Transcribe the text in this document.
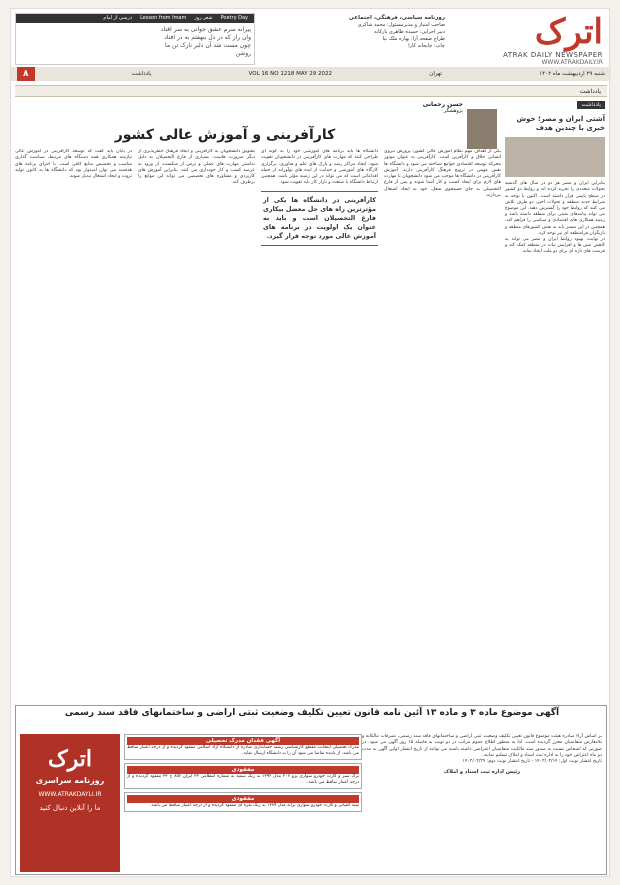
اترک
ATRAK DAILY NEWSPAPER
WWW.ATRAKDAILY.IR
روزنامه سیاسی، فرهنگی، اجتماعی
صاحب امتیاز و مدیرمسئول: محمد شاکری
دبیر اجرایی: حمیده طاهری پارکانه
طراح صفحه آرا: بهاره ملک نیا
چاپ: چاپخانه کارا
Poetry Day
شعر روز
Lesson from Imam
درسی از امام
پیرانه سرم عشق جوانی به سر افتاد
وان راز که در دل بنهفتم به در افتاد
چون مست شد آن دلبر نازک تن ما
روشن
شنبه ۲۹ اردیبهشت ماه ۱۴۰۲
تهران
VOL 16 NO 1218 MAY 29 2022
یادداشت
۸
یادداشت
یادداشت
آشتی ایران و مصر؛ خوش خبری با چندین هدف

بنابراین ایران و مصر هر دو در سال های گذشته تحولات متعددی را تجربه کرده اند و روابط دو کشور در سطح پایینی قرار داشته است. اکنون با توجه به شرایط جدید منطقه و تحولات اخیر، دو طرف تلاش می کنند که روابط خود را گسترش دهند. این موضوع می تواند پیامدهای مثبتی برای منطقه داشته باشد و زمینه همکاری های اقتصادی و سیاسی را فراهم کند. همچنین در این مسیر باید به نقش کشورهای منطقه و بازیگران فرامنطقه ای نیز توجه کرد.

در نهایت، بهبود روابط ایران و مصر می تواند به کاهش تنش ها و افزایش ثبات در منطقه کمک کند و فرصت های تازه ای برای دو ملت ایجاد نماید.

حسن رحمانی
پژوهشگر
کارآفرینی و آموزش عالی کشور

یکی از اهداف مهم نظام آموزش عالی کشور، پرورش نیروی انسانی خلاق و کارآفرین است. کارآفرینی به عنوان موتور محرکه توسعه اقتصادی جوامع شناخته می شود و دانشگاه ها نقش مهمی در ترویج فرهنگ کارآفرینی دارند. آموزش کارآفرینی در دانشگاه ها موجب می شود دانشجویان با مهارت های لازم برای ایجاد کسب و کار آشنا شوند و پس از فارغ التحصیلی به جای جستجوی شغل، خود به ایجاد اشتغال بپردازند.

دانشگاه ها باید برنامه های آموزشی خود را به گونه ای طراحی کنند که مهارت های کارآفرینی در دانشجویان تقویت شود. ایجاد مراکز رشد و پارک های علم و فناوری، برگزاری کارگاه های آموزشی و حمایت از ایده های نوآورانه از جمله اقداماتی است که می تواند در این زمینه مؤثر باشد. همچنین ارتباط دانشگاه با صنعت و بازار کار باید تقویت شود.

کارآفرینی در دانشگاه ها یکی از مؤثرترین راه های حل معضل بیکاری فارغ التحصیلان است و باید به عنوان یک اولویت در برنامه های آموزش عالی مورد توجه قرار گیرد.

تشویق دانشجویان به کارآفرینی و ایجاد فرهنگ خطرپذیری از دیگر ضرورت هاست. بسیاری از فارغ التحصیلان به دلیل نداشتن مهارت های عملی و ترس از شکست، از ورود به عرصه کسب و کار خودداری می کنند. بنابراین آموزش های کاربردی و مشاوره های تخصصی می تواند این موانع را برطرف کند.

در پایان باید گفت که توسعه کارآفرینی در آموزش عالی نیازمند همکاری همه دستگاه های مرتبط، سیاست گذاری مناسب و تخصیص منابع کافی است. با اجرای برنامه های هدفمند می توان امیدوار بود که دانشگاه ها به کانون تولید ثروت و ایجاد اشتغال تبدیل شوند.

آگهی موضوع ماده ۳ و ماده ۱۳ آئین نامه قانون تعیین تکلیف وضعیت ثبتی اراضی و ساختمانهای فاقد سند رسمی

بر اساس آراء صادره هیئت موضوع قانون تعیین تکلیف وضعیت ثبتی اراضی و ساختمانهای فاقد سند رسمی، تصرفات مالکانه و بلامعارض متقاضیان محرز گردیده است. لذا به منظور اطلاع عموم مراتب در دو نوبت به فاصله ۱۵ روز آگهی می شود. در صورتی که اشخاص نسبت به صدور سند مالکیت متقاضیان اعتراضی داشته باشند می توانند از تاریخ انتشار اولین آگهی به مدت دو ماه اعتراض خود را به اداره ثبت اسناد و املاک تسلیم نمایند.

تاریخ انتشار نوبت اول: ۱۴۰۲/۰۲/۱۴ - تاریخ انتشار نوبت دوم: ۱۴۰۲/۰۲/۲۹

رئیس اداره ثبت اسناد و املاک
آگهی فقدان مدرک تحصیلی
مدرک تحصیلی اینجانب مقطع کارشناسی رشته حسابداری صادره از دانشگاه آزاد اسلامی مفقود گردیده و از درجه اعتبار ساقط می باشد. از یابنده تقاضا می شود آن را به دانشگاه ارسال نماید.
مفقودی
برگ سبز و کارت خودرو سواری پژو ۲۰۶ مدل ۱۳۹۲ به رنگ سفید به شماره انتظامی ۲۳ ایران ۸۵۶ ج ۳۳ مفقود گردیده و از درجه اعتبار ساقط می باشد.
مفقودی
سند کمپانی و کارت خودرو سواری پراید مدل ۱۳۸۹ به رنگ نقره ای مفقود گردیده و از درجه اعتبار ساقط می باشد.
اترک
روزنامه سراسری
WWW.ATRAKDAYLI.IR
ما را آنلاین دنبال کنید
